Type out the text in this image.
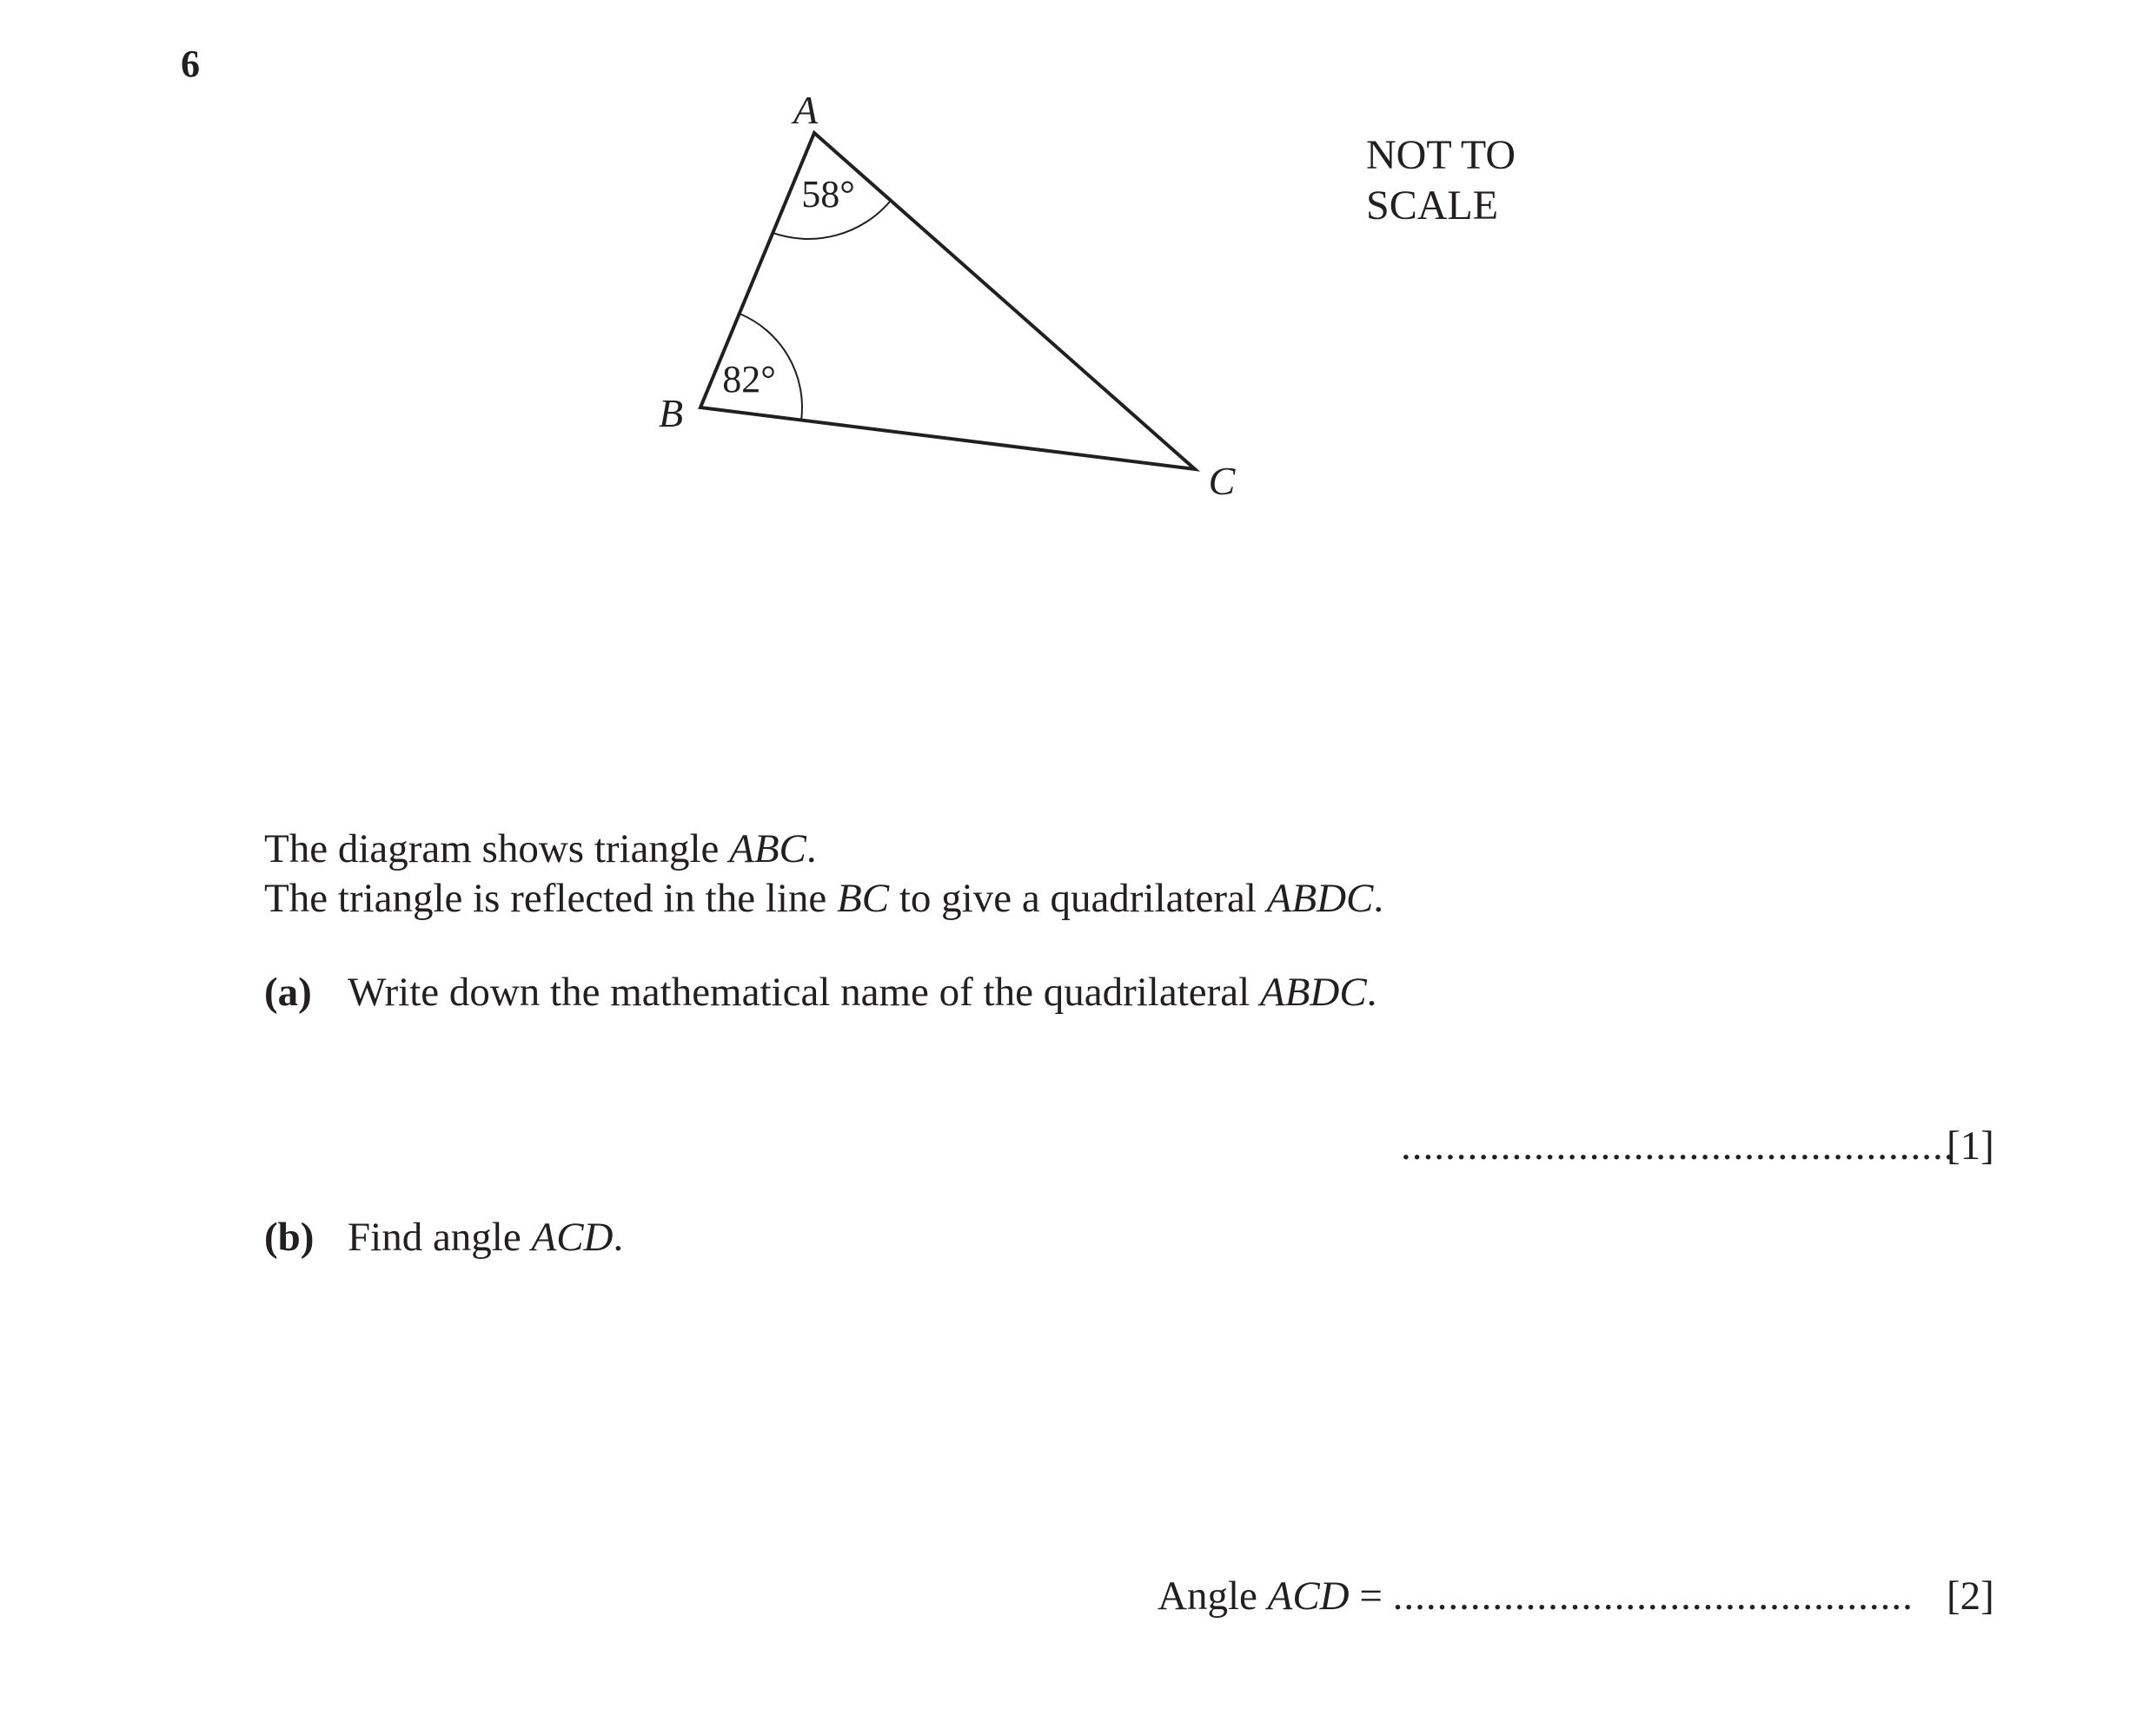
6
A
B
C
58°
82°
NOT TO
SCALE
The diagram shows triangle ABC.
The triangle is reflected in the line BC to give a quadrilateral ABDC.
(a) Write down the mathematical name of the quadrilateral ABDC.
..................................................
[1]
(b) Find angle ACD.
Angle ACD = ............................................... [2]
